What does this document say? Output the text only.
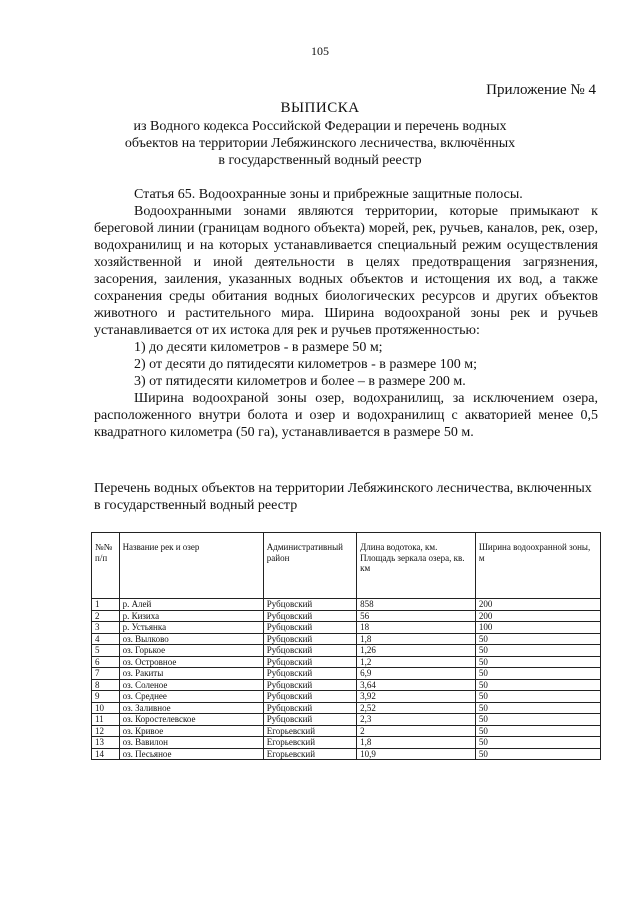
105
Приложение № 4
ВЫПИСКА
из Водного кодекса Российской Федерации и перечень водных объектов на территории Лебяжинского лесничества, включённых в государственный водный реестр

Статья 65. Водоохранные зоны и прибрежные защитные полосы.

Водоохранными зонами являются территории, которые примыкают к береговой линии (границам водного объекта) морей, рек, ручьев, каналов, рек, озер, водохранилищ и на которых устанавливается специальный режим осуществления хозяйственной и иной деятельности в целях предотвращения загрязнения, засорения, заиления, указанных водных объектов и истощения их вод, а также сохранения среды обитания водных биологических ресурсов и других объектов животного и растительного мира. Ширина водоохраной зоны рек и ручьев устанавливается от их истока для рек и ручьев протяженностью:

1) до десяти километров - в размере 50 м;

2) от десяти до пятидесяти километров - в размере 100 м;

3) от пятидесяти километров и более – в размере 200 м.

Ширина водоохраной зоны озер, водохранилищ, за исключением озера, расположенного внутри болота и озер и водохранилищ с акваторией менее 0,5 квадратного километра (50 га), устанавливается в размере 50 м.

Перечень водных объектов на территории Лебяжинского лесничества, включенных в государственный водный реестр
№№ п/п	Название рек и озер	Административный район	Длина водотока, км. Площадь зеркала озера, кв. км	Ширина водоохранной зоны, м
1	р. Алей	Рубцовский	858	200
2	р. Кизиха	Рубцовский	56	200
3	р. Устьянка	Рубцовский	18	100
4	оз. Вылково	Рубцовский	1,8	50
5	оз. Горькое	Рубцовский	1,26	50
6	оз. Островное	Рубцовский	1,2	50
7	оз. Ракиты	Рубцовский	6,9	50
8	оз. Соленое	Рубцовский	3,64	50
9	оз. Среднее	Рубцовский	3,92	50
10	оз. Заливное	Рубцовский	2,52	50
11	оз. Коростелевское	Рубцовский	2,3	50
12	оз. Кривое	Егорьевский	2	50
13	оз. Вавилон	Егорьевский	1,8	50
14	оз. Песьяное	Егорьевский	10,9	50
